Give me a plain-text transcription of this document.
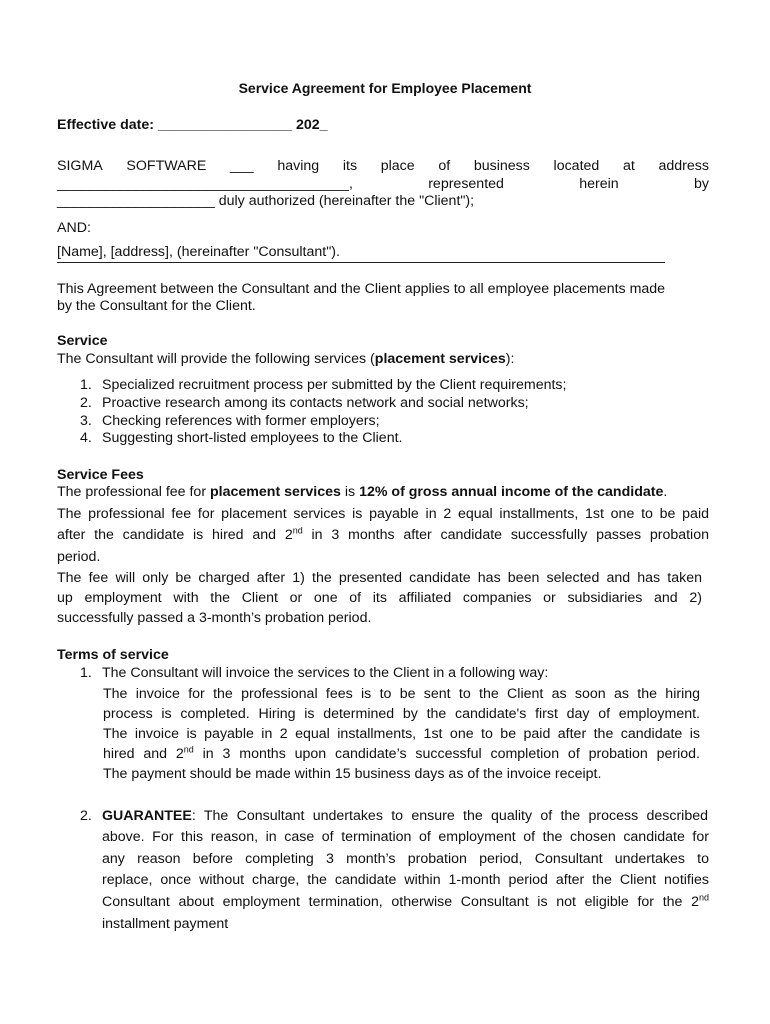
Service Agreement for Employee Placement
Effective date: _________________ 202_
SIGMA SOFTWARE ___ having its place of business located at address
_____________________________________,	represented	herein	by
____________________ duly authorized (hereinafter the "Client");
AND:
[Name], [address], (hereinafter "Consultant").
This Agreement between the Consultant and the Client applies to all employee placements made
by the Consultant for the Client.
Service
The Consultant will provide the following services (placement services):
1. Specialized recruitment process per submitted by the Client requirements;
2. Proactive research among its contacts network and social networks;
3. Checking references with former employers;
4. Suggesting short-listed employees to the Client.
Service Fees
The professional fee for placement services is 12% of gross annual income of the candidate.
The professional fee for placement services is payable in 2 equal installments, 1st one to be paid
after the candidate is hired and 2nd in 3 months after candidate successfully passes probation
period.
The fee will only be charged after 1) the presented candidate has been selected and has taken
up employment with the Client or one of its affiliated companies or subsidiaries and 2)
successfully passed a 3-month’s probation period.
Terms of service
1. The Consultant will invoice the services to the Client in a following way:
The invoice for the professional fees is to be sent to the Client as soon as the hiring
process is completed. Hiring is determined by the candidate's first day of employment.
The invoice is payable in 2 equal installments, 1st one to be paid after the candidate is
hired and 2nd in 3 months upon candidate’s successful completion of probation period.
The payment should be made within 15 business days as of the invoice receipt.
2. GUARANTEE: The Consultant undertakes to ensure the quality of the process described
above. For this reason, in case of termination of employment of the chosen candidate for
any reason before completing 3 month’s probation period, Consultant undertakes to
replace, once without charge, the candidate within 1-month period after the Client notifies
Consultant about employment termination, otherwise Consultant is not eligible for the 2nd
installment payment
